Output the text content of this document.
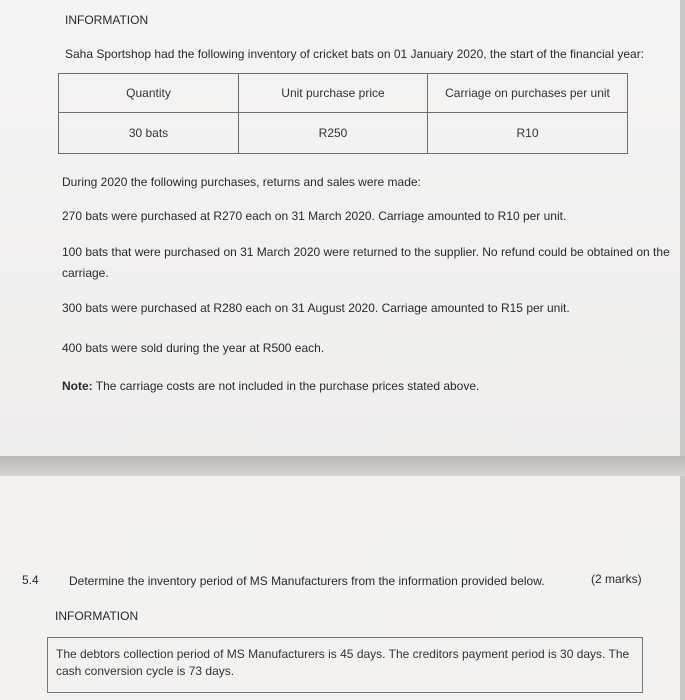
INFORMATION
Saha Sportshop had the following inventory of cricket bats on 01 January 2020, the start of the financial year:
Quantity	Unit purchase price	Carriage on purchases per unit
30 bats	R250	R10
During 2020 the following purchases, returns and sales were made:
270 bats were purchased at R270 each on 31 March 2020. Carriage amounted to R10 per unit.
100 bats that were purchased on 31 March 2020 were returned to the supplier. No refund could be obtained on the
carriage.
300 bats were purchased at R280 each on 31 August 2020. Carriage amounted to R15 per unit.
400 bats were sold during the year at R500 each.
Note: The carriage costs are not included in the purchase prices stated above.
5.4	Determine the inventory period of MS Manufacturers from the information provided below.	(2 marks)
INFORMATION
The debtors collection period of MS Manufacturers is 45 days. The creditors payment period is 30 days. The cash conversion cycle is 73 days.
